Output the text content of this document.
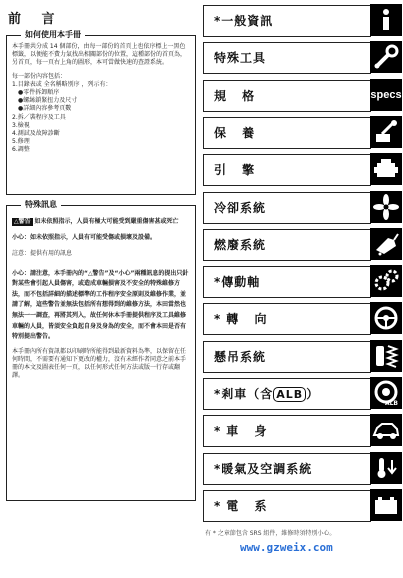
前 言
如何使用本手冊
本手冊共分成 14 個部份，由每一部份的首頁上也依序標上一黑色標籤，以便能不費力氣找出相關部份的位置，這種部份的首頁為，另首頁，每一頁右上角的圖形，本可當做快速的查證系統。
每一部份內容包括：
1.目錄表或 全名稱略別序 ，列示有：
●零件拆卸順序
●螺絲鎖緊扭力及尺寸
●詳細內容參考頁數
2.拆／裝程序及工具
3.檢視
4.測試及故障診斷
5.修理
6.調整
特殊訊息
△警告 如未依照指示，人員有極大可能受到嚴重傷害甚或死亡
小心：如未依照指示，人員有可能受傷或損壞及設備。
註意：提供有用的訊息
小心：請注意，本手冊內的“△警告”及“小心”兩種訊息的提出只針對某些會引起人員傷害，或造成車輛損害及不安全的特殊維修方法，而不包括詳細的描述標準的工作程序安全原則及維修作業，並請了解，這些警告並無法包括所有想得到的維修方法，本田當然也無法一一調查，再將其列入，故任何休本手冊提供程序及工具維修車輛的人員，皆須安全負起自身及身為的安全，而不會本田是否有特別提出警告。
本手冊內所有資訊都以印刷時所能得到最新資料為準，以保留在任何時間，不需要有通知下更改的權力，沒有未經作者同意之前本手冊的本文及圖表任何一頁，以任何形式任何方法或版一行存或翻譯。
*一般資訊
特殊工具
規 格	specs
保 養
引 擎
冷卻系統
燃廢系統
*傳動軸
*轉 向
懸吊系統
*剎車（含 ALB ）
ALB
*車 身
*暖氣及空調系統
*電 系
有 * 之章節包含 SRS 組件，維修時須特別小心。
www.gzweix.com
